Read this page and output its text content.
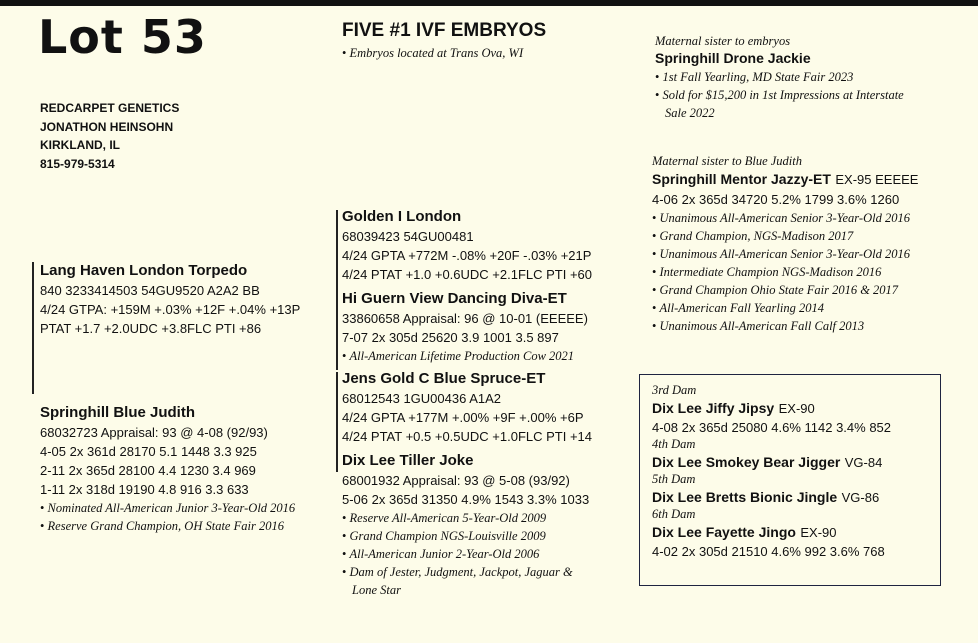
Lot 53
REDCARPET GENETICS
JONATHON HEINSOHN
KIRKLAND, IL
815-979-5314
FIVE #1 IVF EMBRYOS
• Embryos located at Trans Ova, WI
Lang Haven London Torpedo
840 3233414503 54GU9520 A2A2 BB
4/24 GTPA: +159M +.03% +12F +.04% +13P
PTAT +1.7 +2.0UDC +3.8FLC PTI +86
Springhill Blue Judith
68032723 Appraisal: 93 @ 4-08 (92/93)
4-05 2x 361d 28170 5.1 1448 3.3 925
2-11 2x 365d 28100 4.4 1230 3.4 969
1-11 2x 318d 19190 4.8 916 3.3 633
• Nominated All-American Junior 3-Year-Old 2016
• Reserve Grand Champion, OH State Fair 2016
Golden I London
68039423 54GU00481
4/24 GPTA +772M -.08% +20F -.03% +21P
4/24 PTAT +1.0 +0.6UDC +2.1FLC PTI +60
Hi Guern View Dancing Diva-ET
33860658 Appraisal: 96 @ 10-01 (EEEEE)
7-07 2x 305d 25620 3.9 1001 3.5 897
• All-American Lifetime Production Cow 2021
Jens Gold C Blue Spruce-ET
68012543 1GU00436 A1A2
4/24 GPTA +177M +.00% +9F +.00% +6P
4/24 PTAT +0.5 +0.5UDC +1.0FLC PTI +14
Dix Lee Tiller Joke
68001932 Appraisal: 93 @ 5-08 (93/92)
5-06 2x 365d 31350 4.9% 1543 3.3% 1033
• Reserve All-American 5-Year-Old 2009
• Grand Champion NGS-Louisville 2009
• All-American Junior 2-Year-Old 2006
• Dam of Jester, Judgment, Jackpot, Jaguar &
Lone Star
Maternal sister to embryos
Springhill Drone Jackie
• 1st Fall Yearling, MD State Fair 2023
• Sold for $15,200 in 1st Impressions at Interstate
Sale 2022
Maternal sister to Blue Judith
Springhill Mentor Jazzy-ET EX-95 EEEEE
4-06 2x 365d 34720 5.2% 1799 3.6% 1260
• Unanimous All-American Senior 3-Year-Old 2016
• Grand Champion, NGS-Madison 2017
• Unanimous All-American Senior 3-Year-Old 2016
• Intermediate Champion NGS-Madison 2016
• Grand Champion Ohio State Fair 2016 & 2017
• All-American Fall Yearling 2014
• Unanimous All-American Fall Calf 2013
3rd Dam
Dix Lee Jiffy Jipsy EX-90
4-08 2x 365d 25080 4.6% 1142 3.4% 852
4th Dam
Dix Lee Smokey Bear Jigger VG-84
5th Dam
Dix Lee Bretts Bionic Jingle VG-86
6th Dam
Dix Lee Fayette Jingo EX-90
4-02 2x 305d 21510 4.6% 992 3.6% 768
